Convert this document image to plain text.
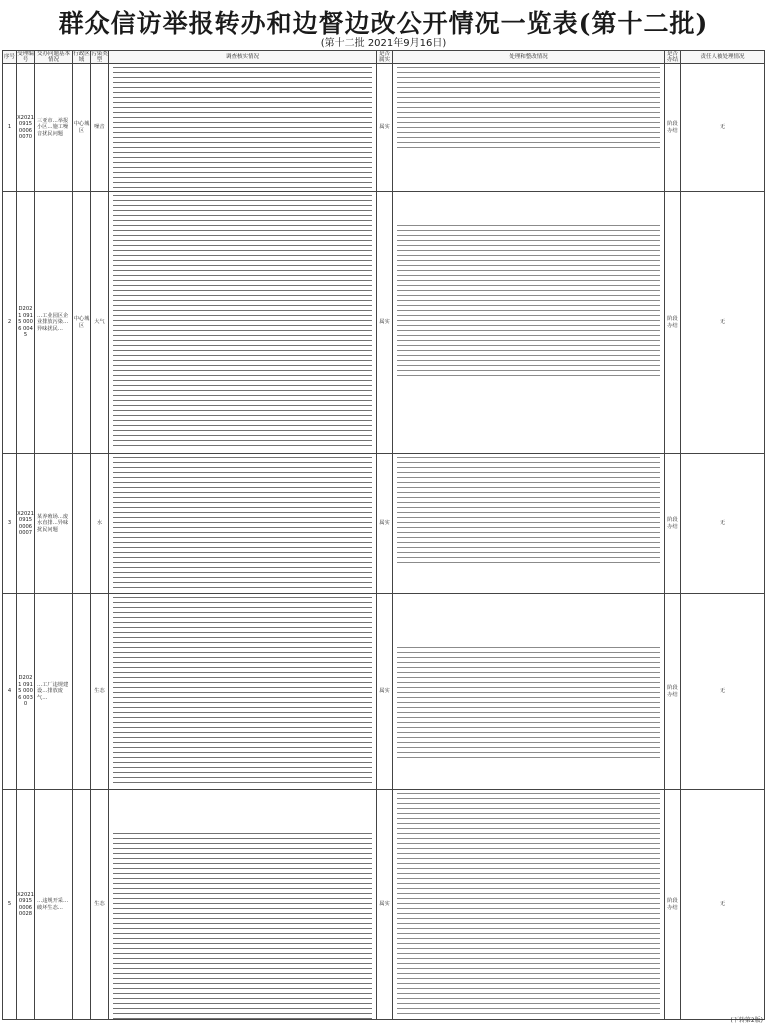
群众信访举报转办和边督边改公开情况一览表(第十二批)
(第十二批 2021年9月16日)
序号	受理编号	交办问题基本情况	行政区域	污染类型	调查核实情况	是否属实	处理和整改情况	是否办结	责任人被处理情况
1	X2021 0915 0006 0070	三亚市…举报小区…施工噪音扰民问题	中心城区	噪音		属实		阶段办结	无
2	D2021 0915 0006 0045	…工业园区企业排放污染…异味扰民…	中心城区	大气		属实		阶段办结	无
3	X2021 0915 0006 0007	某养殖场…废水直排…异味扰民问题		水		属实		阶段办结	无
4	D2021 0915 0006 0030	…工厂违规建设…排放废气…		生态		属实		阶段办结	无
5	X2021 0915 0006 0028	…违规开采…破坏生态…		生态		属实		阶段办结	无
(下转第2版)
